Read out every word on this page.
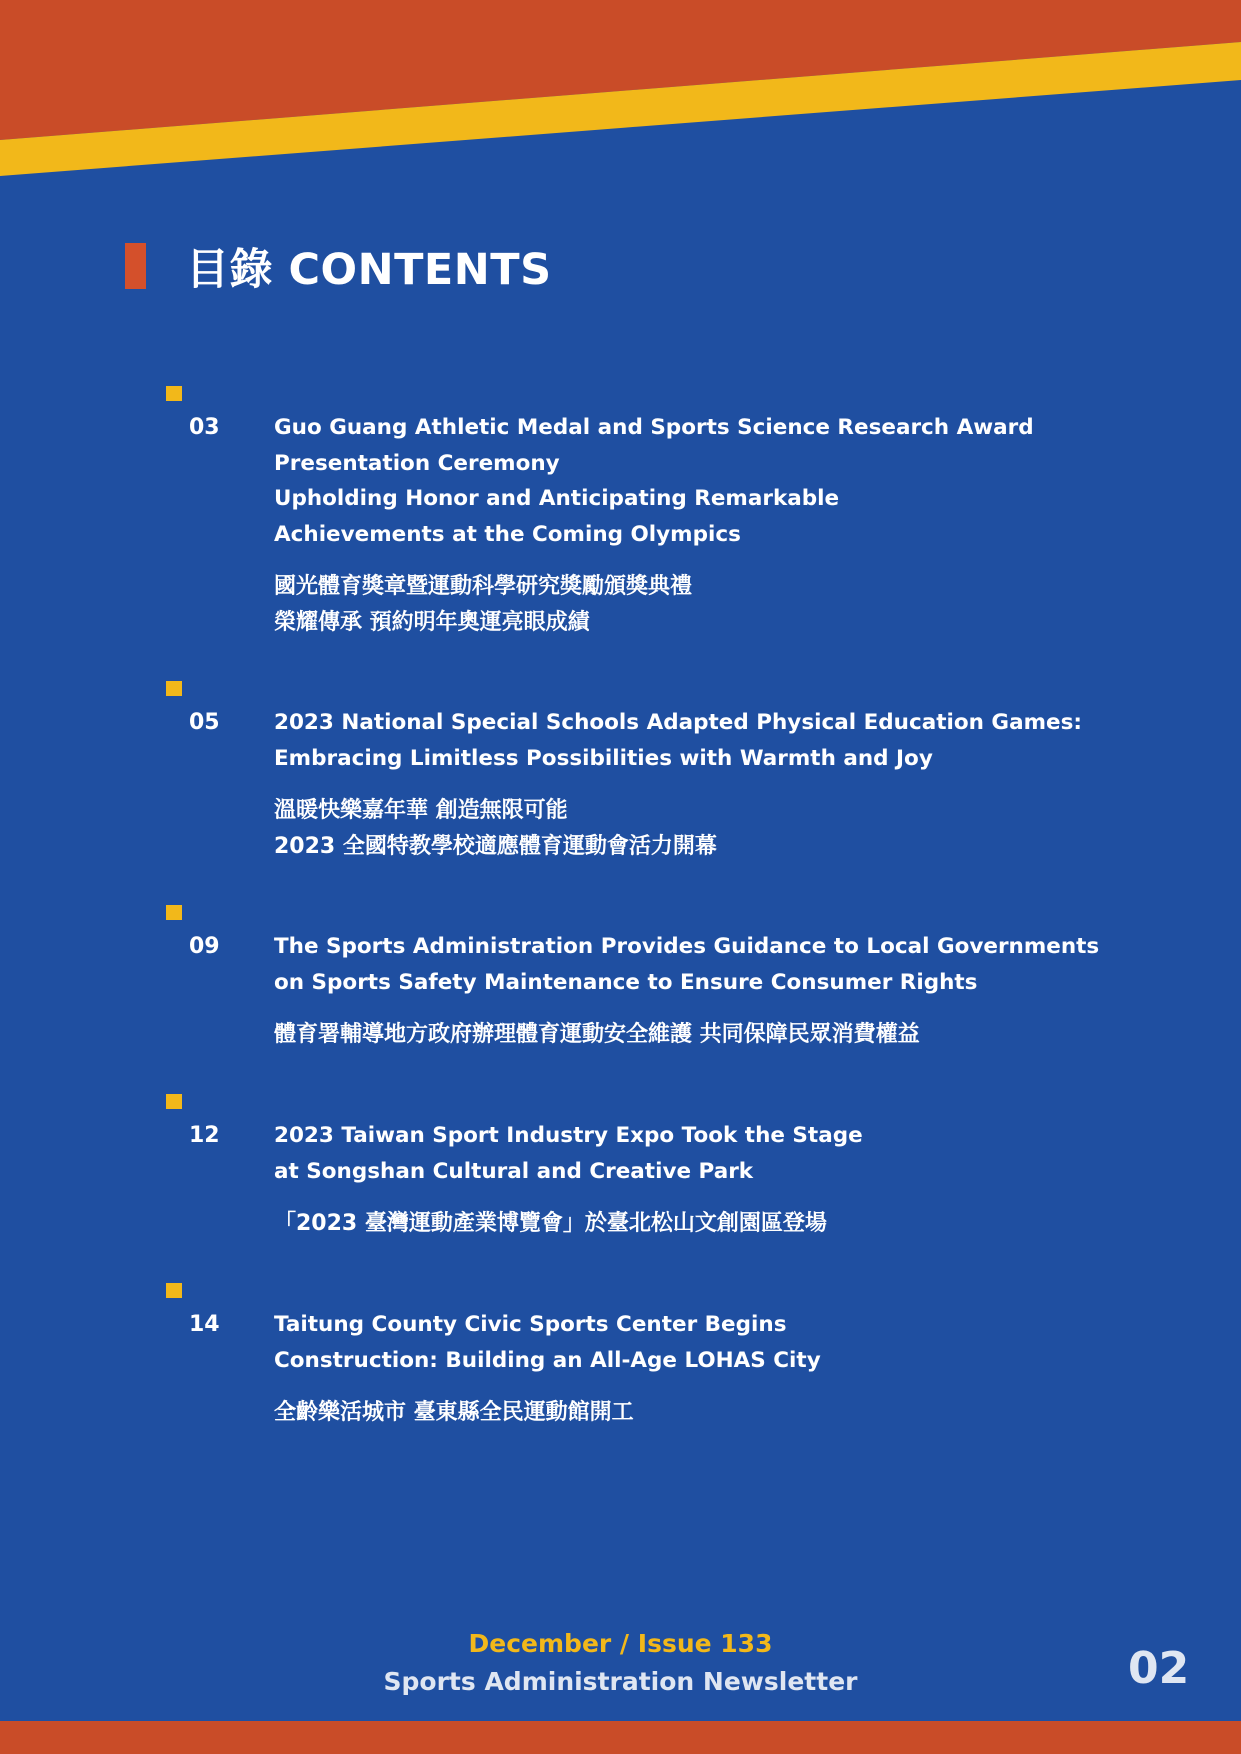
目錄 CONTENTS
03	Guo Guang Athletic Medal and Sports Science Research Award
Presentation Ceremony
Upholding Honor and Anticipating Remarkable
Achievements at the Coming Olympics
國光體育獎章暨運動科學研究獎勵頒獎典禮
榮耀傳承 預約明年奧運亮眼成績
05	2023 National Special Schools Adapted Physical Education Games:
Embracing Limitless Possibilities with Warmth and Joy
溫暖快樂嘉年華 創造無限可能
2023 全國特教學校適應體育運動會活力開幕
09	The Sports Administration Provides Guidance to Local Governments
on Sports Safety Maintenance to Ensure Consumer Rights
體育署輔導地方政府辦理體育運動安全維護 共同保障民眾消費權益
12	2023 Taiwan Sport Industry Expo Took the Stage
at Songshan Cultural and Creative Park
「2023 臺灣運動產業博覽會」於臺北松山文創園區登場
14	Taitung County Civic Sports Center Begins
Construction: Building an All-Age LOHAS City
全齡樂活城市 臺東縣全民運動館開工
December / Issue 133
Sports Administration Newsletter	02
